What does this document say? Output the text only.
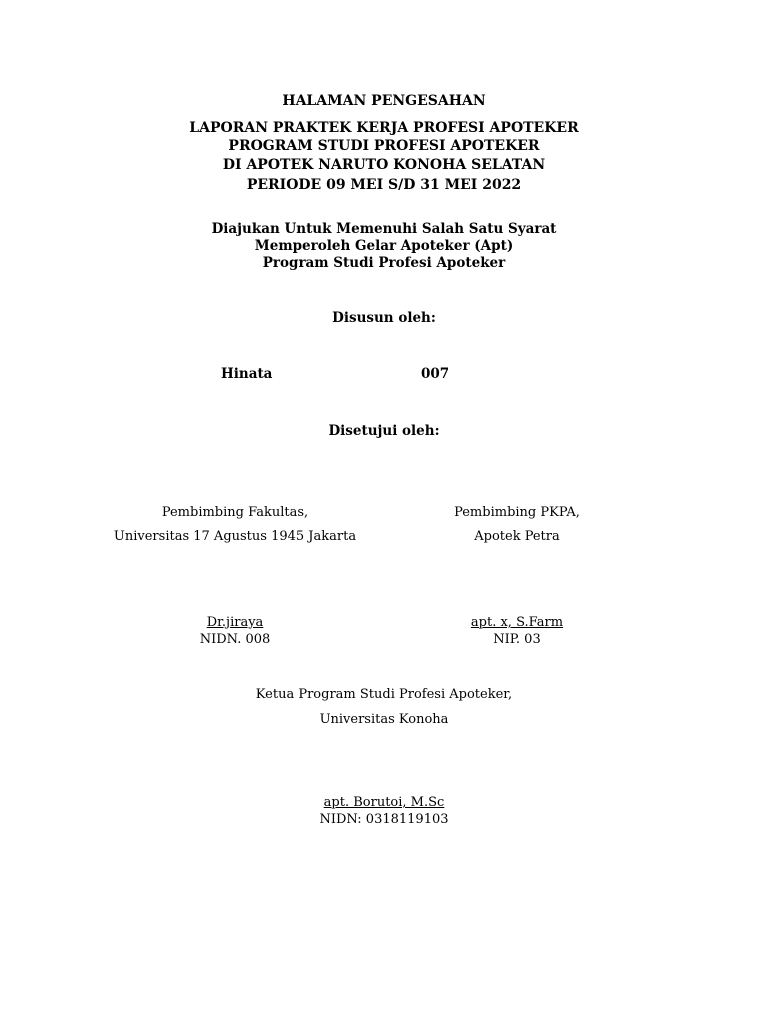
HALAMAN PENGESAHAN
LAPORAN PRAKTEK KERJA PROFESI APOTEKER
PROGRAM STUDI PROFESI APOTEKER
DI APOTEK NARUTO KONOHA SELATAN
PERIODE 09 MEI S/D 31 MEI 2022
Diajukan Untuk Memenuhi Salah Satu Syarat
Memperoleh Gelar Apoteker (Apt)
Program Studi Profesi Apoteker
Disusun oleh:
Hinata	007
Disetujui oleh:
Pembimbing Fakultas,
Universitas 17 Agustus 1945 Jakarta
Dr.jiraya
NIDN. 008
Pembimbing PKPA,
Apotek Petra
apt. x, S.Farm
NIP. 03
Ketua Program Studi Profesi Apoteker,
Universitas Konoha
apt. Borutoi, M.Sc
NIDN: 0318119103
